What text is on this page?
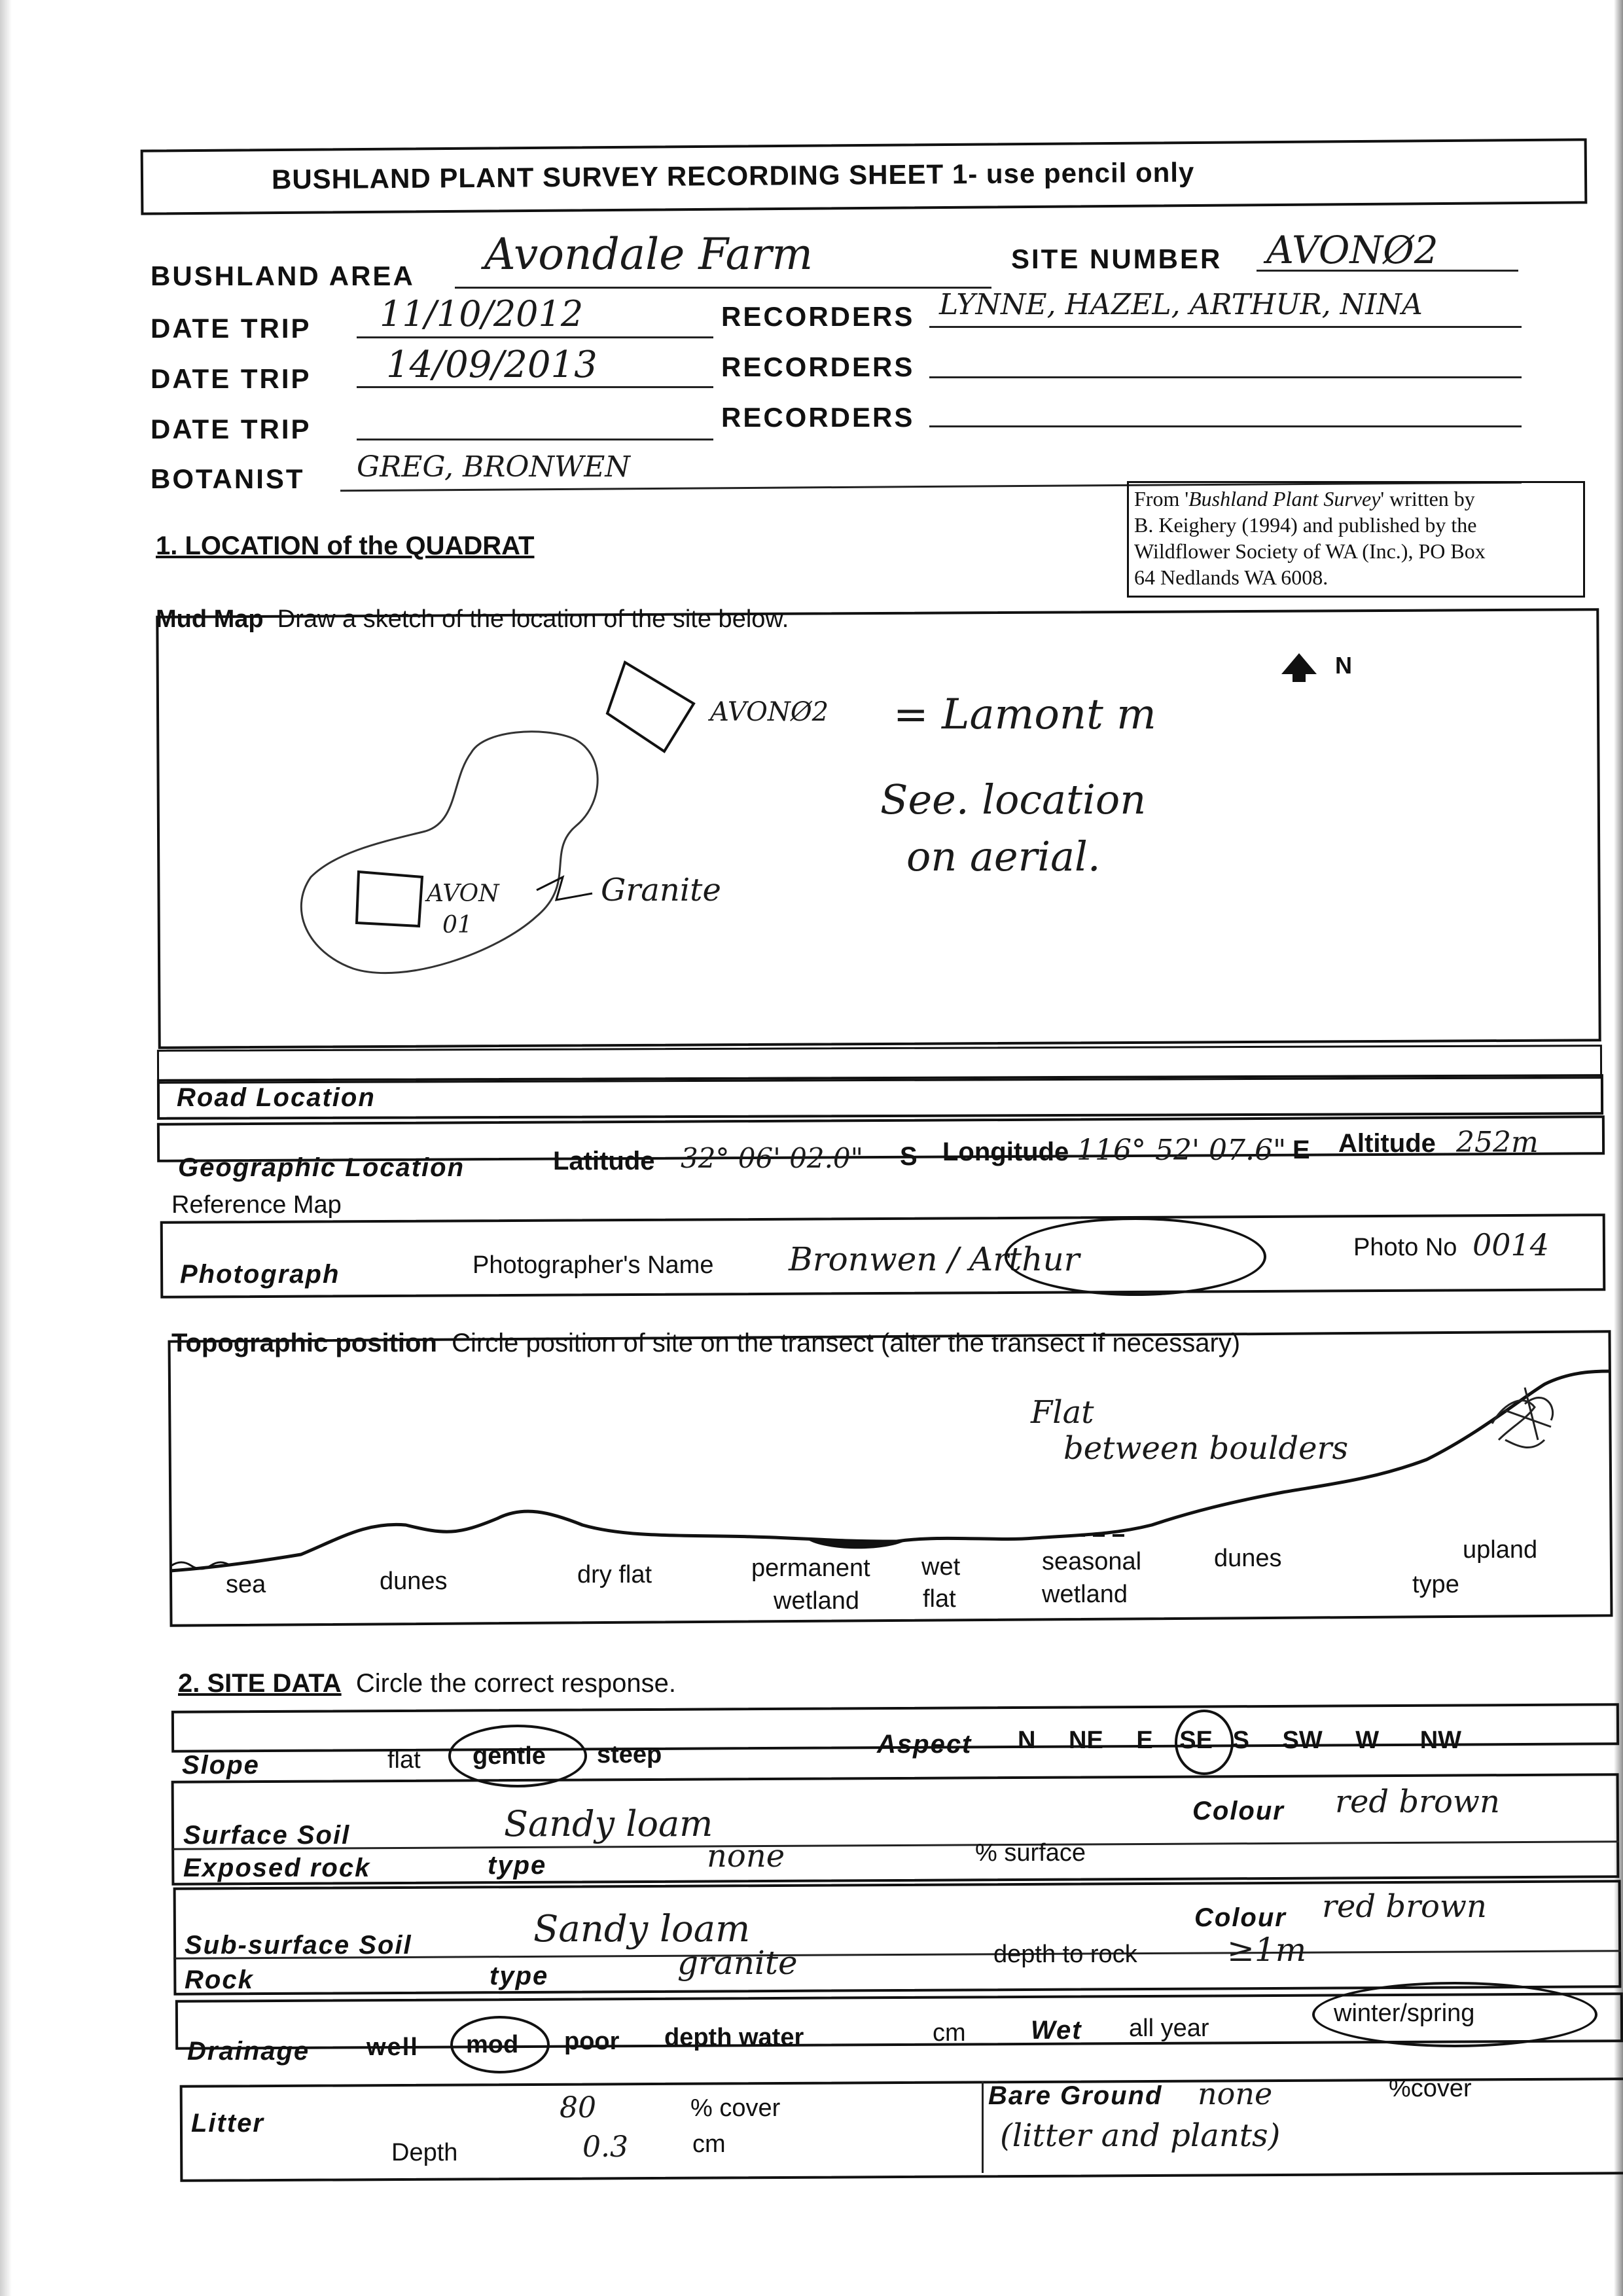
BUSHLAND PLANT SURVEY RECORDING SHEET 1- use pencil only
BUSHLAND AREA Avondale Farm	SITE NUMBER AVONØ2
DATE TRIP 11/10/2012	RECORDERS LYNNE, HAZEL, ARTHUR, NINA
DATE TRIP 14/09/2013	RECORDERS
DATE TRIP	RECORDERS
BOTANIST GREG, BRONWEN
From 'Bushland Plant Survey' written by
B. Keighery (1994) and published by the
Wildflower Society of WA (Inc.), PO Box
64 Nedlands WA 6008.
1. LOCATION of the QUADRAT
Mud Map Draw a sketch of the location of the site below.
N
AVONØ2 = Lamont m
See. location
on aerial.
AVON
01
Granite
Road Location
Geographic Location	Latitude 32° 06' 02.0" S Longitude 116° 52' 07.6" E Altitude 252m
Reference Map
Photograph	Photographer's Name Bronwen / Arthur	Photo No 0014
Topographic position Circle position of site on the transect (alter the transect if necessary)
Flat
between boulders
sea	dunes	dry flat	permanent
wetland
wet
flat
seasonal
wetland
dunes	upland
type
2. SITE DATA Circle the correct response.
Slope	flat gentle steep	Aspect N NE E SE S SW W NW
Surface Soil	Sandy loam	Colour red brown
Exposed rock	type	none	% surface
Sub-surface Soil	Sandy loam	Colour red brown
Rock	type	granite	depth to rock	≥1m
Drainage well mod poor depth water	cm Wet all year
winter/spring
Litter	80	% cover
Depth	0.3	cm
Bare Ground none	%cover
(litter and plants)
